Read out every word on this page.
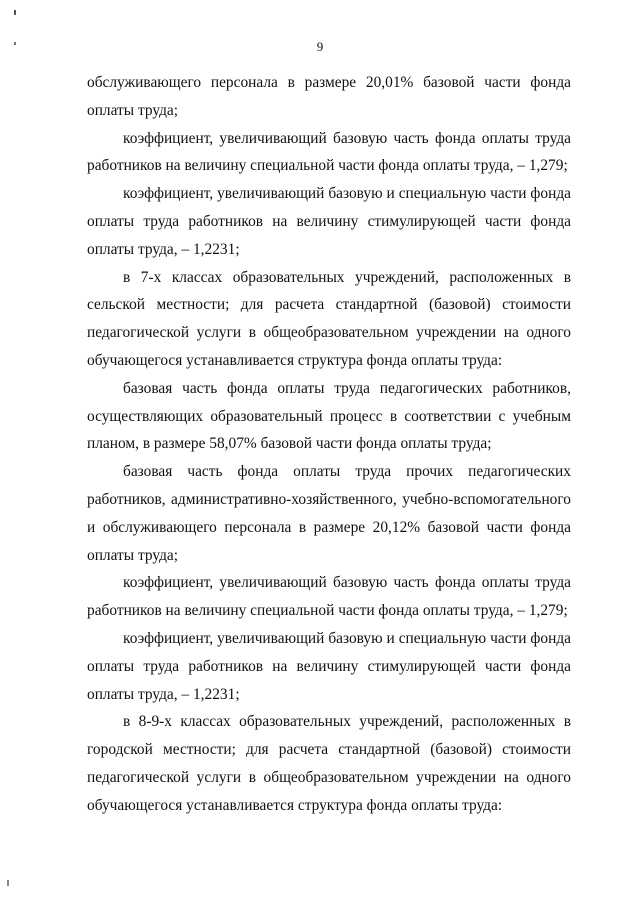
9

обслуживающего персонала в размере 20,01% базовой части фонда оплаты труда;

коэффициент, увеличивающий базовую часть фонда оплаты труда работников на величину специальной части фонда оплаты труда, – 1,279;

коэффициент, увеличивающий базовую и специальную части фонда оплаты труда работников на величину стимулирующей части фонда оплаты труда, – 1,2231;

в 7-х классах образовательных учреждений, расположенных в сельской местности; для расчета стандартной (базовой) стоимости педагогической услуги в общеобразовательном учреждении на одного обучающегося устанавливается структура фонда оплаты труда:

базовая часть фонда оплаты труда педагогических работников, осуществляющих образовательный процесс в соответствии с учебным планом, в размере 58,07% базовой части фонда оплаты труда;

базовая часть фонда оплаты труда прочих педагогических работников, административно-хозяйственного, учебно-вспомогательного и обслуживающего персонала в размере 20,12% базовой части фонда оплаты труда;

коэффициент, увеличивающий базовую часть фонда оплаты труда работников на величину специальной части фонда оплаты труда, – 1,279;

коэффициент, увеличивающий базовую и специальную части фонда оплаты труда работников на величину стимулирующей части фонда оплаты труда, – 1,2231;

в 8-9-х классах образовательных учреждений, расположенных в городской местности; для расчета стандартной (базовой) стоимости педагогической услуги в общеобразовательном учреждении на одного обучающегося устанавливается структура фонда оплаты труда:
